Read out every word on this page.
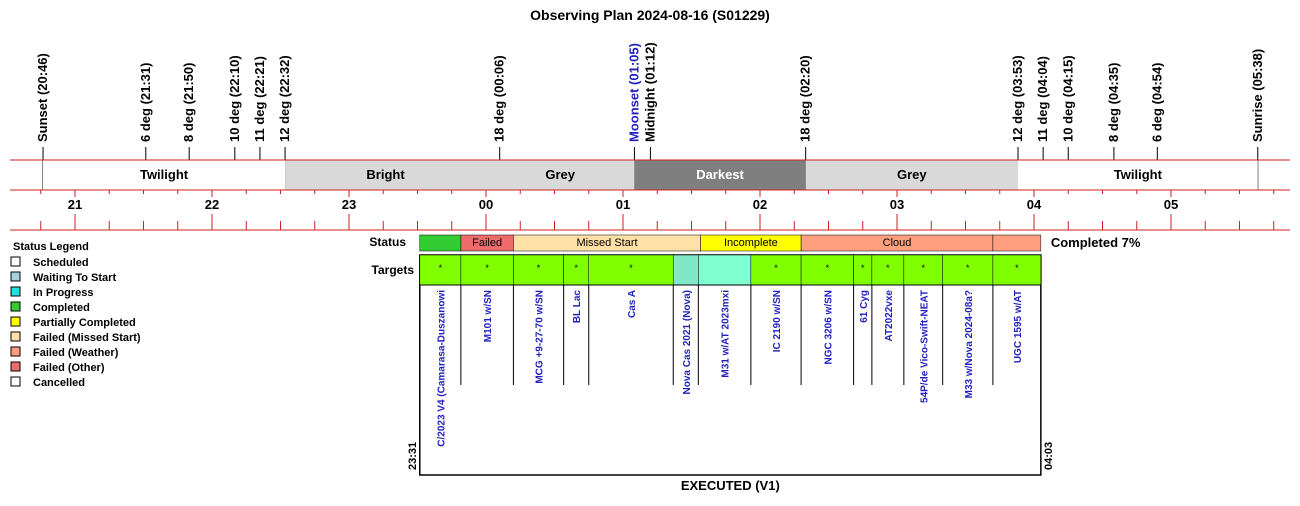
Observing Plan 2024-08-16 (S01229)
Sunset (20:46)	6 deg (21:31) 8 deg (21:50) 10 deg (22:10) 11 deg (22:21) 12 deg (22:32)	18 deg (00:06)	Moonset (01:05) Midnight (01:12)	18 deg (02:20)	12 deg (03:53) 11 deg (04:04) 10 deg (04:15) 8 deg (04:35) 6 deg (04:54)	Sunrise (05:38)
Twilight	Bright	Grey	Darkest	Grey	Twilight
21	22	23	00	01	02	03	04	05
Status Legend
Scheduled
Waiting To Start
In Progress
Completed
Partially Completed
Failed (Missed Start)
Failed (Weather)
Failed (Other)
Cancelled
Status
Targets
Failed	Missed Start	Incomplete	Cloud	Completed 7%
*
C/2023 V4 (Camarasa-Duszanowi
*
M101 w/SN
*
MCG +9-27-70 w/SN
*
BL Lac
*
Cas A	Nova Cas 2021 (Nova)	M31 w/AT 2023mxi
*
IC 2190 w/SN
*
NGC 3206 w/SN
*
61 Cyg
*
AT2022vxe
*
54P/de Vico-Swift-NEAT
*
M33 w/Nova 2024-08a?
*
UGC 1595 w/AT
23:31	04:03
EXECUTED (V1)
